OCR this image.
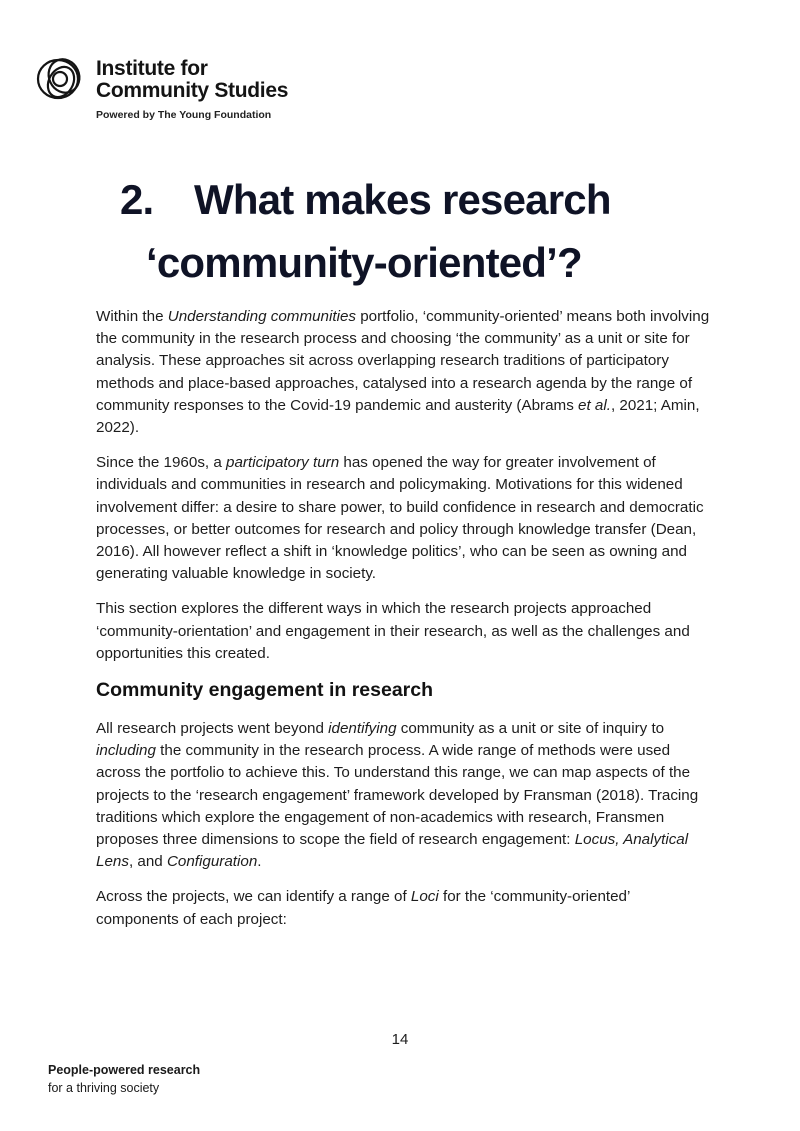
Institute for
Community Studies
Powered by The Young Foundation
2. What makes research
‘community-oriented’?

Within the Understanding communities portfolio, ‘community-oriented’ means both involving the community in the research process and choosing ‘the community’ as a unit or site for analysis. These approaches sit across overlapping research traditions of participatory methods and place-based approaches, catalysed into a research agenda by the range of community responses to the Covid-19 pandemic and austerity (Abrams et al., 2021; Amin, 2022).

Since the 1960s, a participatory turn has opened the way for greater involvement of individuals and communities in research and policymaking. Motivations for this widened involvement differ: a desire to share power, to build confidence in research and democratic processes, or better outcomes for research and policy through knowledge transfer (Dean, 2016). All however reflect a shift in ‘knowledge politics’, who can be seen as owning and generating valuable knowledge in society.

This section explores the different ways in which the research projects approached ‘community-orientation’ and engagement in their research, as well as the challenges and opportunities this created.

Community engagement in research

All research projects went beyond identifying community as a unit or site of inquiry to including the community in the research process. A wide range of methods were used across the portfolio to achieve this. To understand this range, we can map aspects of the projects to the ‘research engagement’ framework developed by Fransman (2018). Tracing traditions which explore the engagement of non-academics with research, Fransmen proposes three dimensions to scope the field of research engagement: Locus, Analytical Lens, and Configuration.

Across the projects, we can identify a range of Loci for the ‘community-oriented’ components of each project:

14
People-powered research
for a thriving society
